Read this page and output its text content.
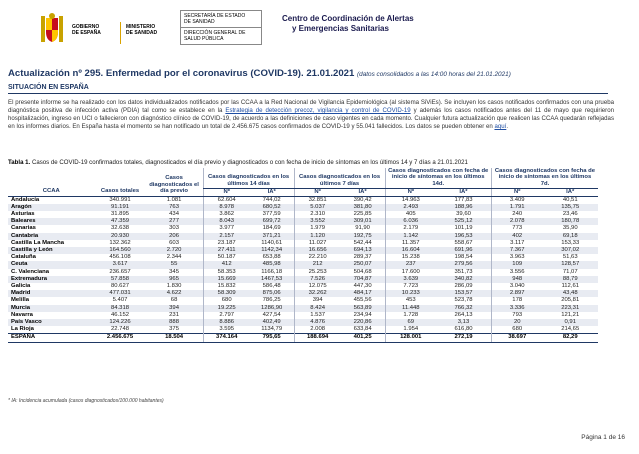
GOBIERNO
DE ESPAÑA
MINISTERIO
DE SANIDAD
SECRETARÍA DE ESTADO
DE SANIDAD
DIRECCIÓN GENERAL DE
SALUD PÚBLICA
Centro de Coordinación de Alertas
y Emergencias Sanitarias
Actualización nº 295. Enfermedad por el coronavirus (COVID-19). 21.01.2021 (datos consolidados a las 14:00 horas del 21.01.2021)
SITUACIÓN EN ESPAÑA

El presente informe se ha realizado con los datos individualizados notificados por las CCAA a la Red Nacional de Vigilancia Epidemiológica (al sistema SiViEs). Se incluyen los casos notificados confirmados con una prueba diagnóstica positiva de infección activa (PDIA) tal como se establece en la Estrategia de detección precoz, vigilancia y control de COVID-19 y además los casos notificados antes del 11 de mayo que requirieron hospitalización, ingreso en UCI o fallecieron con diagnóstico clínico de COVID-19, de acuerdo a las definiciones de caso vigentes en cada momento. Cualquier futura actualización que realicen las CCAA quedarán reflejadas en los informes diarios. En España hasta el momento se han notificado un total de 2.456.675 casos confirmados de COVID-19 y 55.041 fallecidos. Los datos se pueden obtener en aquí.

Tabla 1. Casos de COVID-19 confirmados totales, diagnosticados el día previo y diagnosticados o con fecha de inicio de síntomas en los últimos 14 y 7 días a 21.01.2021
CCAA	Casos totales	Casos diagnosticados el día previo	Casos diagnosticados en los últimos 14 días		Casos diagnosticados en los últimos 7 días		Casos diagnosticados con fecha de inicio de síntomas en los últimos 14d.		Casos diagnosticados con fecha de inicio de síntomas en los últimos 7d.	
			Nº	IA*	Nº	IA*	Nº	IA*	Nº	IA*
Andalucía	340.991	1.081	62.604	744,02	32.851	390,42	14.963	177,83	3.409	40,51
Aragón	91.191	763	8.978	680,52	5.037	381,80	2.493	188,96	1.791	135,75
Asturias	31.895	434	3.862	377,59	2.310	225,85	405	39,60	240	23,46
Baleares	47.359	277	8.043	699,72	3.552	309,01	6.036	525,12	2.078	180,78
Canarias	32.638	303	3.977	184,69	1.979	91,90	2.179	101,19	773	35,90
Cantabria	20.930	206	2.157	371,21	1.120	192,75	1.142	196,53	402	69,18
Castilla La Mancha	132.362	603	23.187	1140,61	11.027	542,44	11.357	558,67	3.117	153,33
Castilla y León	164.560	2.720	27.411	1142,34	16.656	694,13	16.604	691,96	7.367	307,02
Cataluña	456.108	2.344	50.187	653,88	22.210	289,37	15.238	198,54	3.963	51,63
Ceuta	3.617	55	412	485,98	212	250,07	237	279,56	109	128,57
C. Valenciana	236.657	345	58.353	1166,18	25.253	504,68	17.600	351,73	3.556	71,07
Extremadura	57.858	965	15.669	1467,53	7.526	704,87	3.639	340,82	948	88,79
Galicia	80.627	1.830	15.832	586,48	12.075	447,30	7.723	286,09	3.040	112,61
Madrid	477.031	4.622	58.309	875,06	32.262	484,17	10.233	153,57	2.897	43,48
Melilla	5.407	68	680	786,25	394	455,56	453	523,78	178	205,81
Murcia	84.318	394	19.225	1286,90	8.424	563,89	11.448	766,32	3.336	223,31
Navarra	46.152	231	2.797	427,54	1.537	234,94	1.728	264,13	793	121,21
País Vasco	124.226	888	8.886	402,49	4.876	220,86	69	3,13	20	0,91
La Rioja	22.748	375	3.595	1134,79	2.008	633,84	1.954	616,80	680	214,65
ESPAÑA	2.456.675	18.504	374.164	795,65	188.694	401,25	128.001	272,19	38.697	82,29
* IA: Incidencia acumulada (casos diagnosticados/100.000 habitantes)
Página 1 de 16
